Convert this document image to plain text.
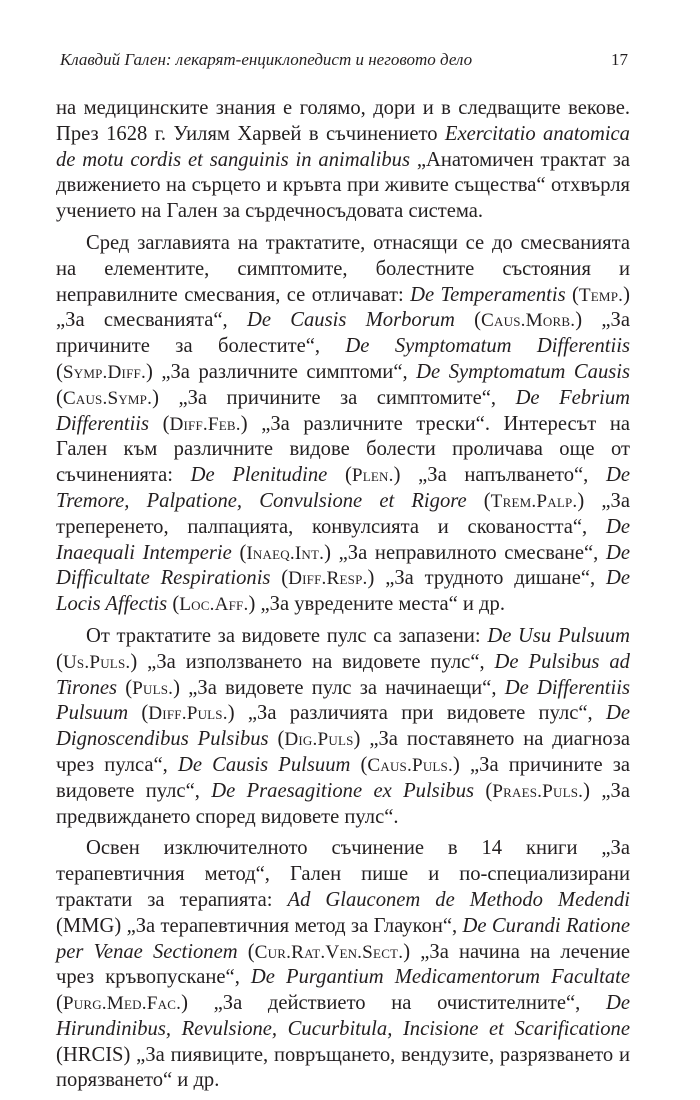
Клавдий Гален: лекарят-енциклопедист и неговото дело	17

на медицинските знания е голямо, дори и в следващите векове. През 1628 г. Уилям Харвей в съчинението Exercitatio anatomica de motu cordis et sanguinis in animalibus „Анатомичен трактат за движението на сърцето и кръвта при живите същества“ отхвърля учението на Гален за сърдечносъдовата система.

Сред заглавията на трактатите, отнасящи се до смесванията на елементите, симптомите, болестните състояния и неправилните смесвания, се отличават: De Temperamentis (Temp.) „За смесванията“, De Causis Morborum (Caus.Morb.) „За причините за болестите“, De Symptomatum Differentiis (Symp.Diff.) „За различните симптоми“, De Symptomatum Causis (Caus.Symp.) „За причините за симптомите“, De Febrium Differentiis (Diff.Feb.) „За различните трески“. Интересът на Гален към различните видове болести проличава още от съчиненията: De Plenitudine (Plen.) „За напълването“, De Tremore, Palpatione, Convulsione et Rigore (Trem.Palp.) „За треперенето, палпацията, конвулсията и сковаността“, De Inaequali Intemperie (Inaeq.Int.) „За неправилното смесване“, De Difficultate Respirationis (Diff.Resp.) „За трудното дишане“, De Locis Affectis (Loc.Aff.) „За увредените места“ и др.

От трактатите за видовете пулс са запазени: De Usu Pulsuum (Us.Puls.) „За използването на видовете пулс“, De Pulsibus ad Tirones (Puls.) „За видовете пулс за начинаещи“, De Differentiis Pulsuum (Diff.Puls.) „За различията при видовете пулс“, De Dignoscendibus Pulsibus (Dig.Puls) „За поставянето на диагноза чрез пулса“, De Causis Pulsuum (Caus.Puls.) „За причините за видовете пулс“, De Praesagitione ex Pulsibus (Praes.Puls.) „За предвиждането според видовете пулс“.

Освен изключителното съчинение в 14 книги „За терапевтичния метод“, Гален пише и по-специализирани трактати за терапията: Ad Glauconem de Methodo Medendi (MMG) „За терапевтичния метод за Глаукон“, De Curandi Ratione per Venae Sectionem (Cur.Rat.Ven.Sect.) „За начина на лечение чрез кръвопускане“, De Purgantium Medicamentorum Facultate (Purg.Med.Fac.) „За действието на очистителните“, De Hirundinibus, Revulsione, Cucurbitula, Incisione et Scarificatione (HRCIS) „За пиявиците, повръщането, вендузите, разрязването и порязването“ и др.
